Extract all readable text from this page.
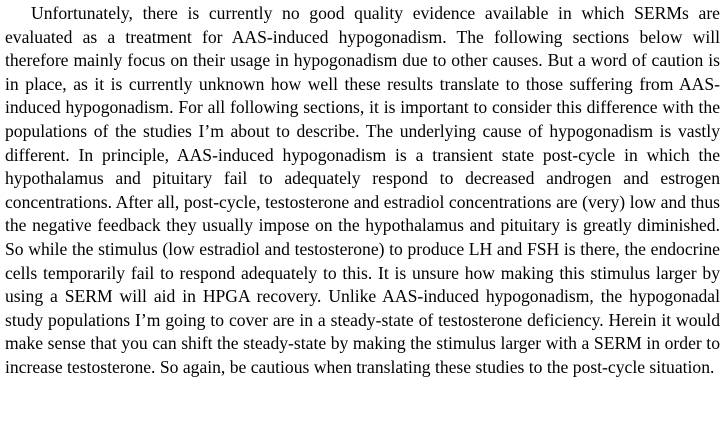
Unfortunately, there is currently no good quality evidence available in which SERMs are evaluated as a treatment for AAS-induced hypogonadism. The following sections below will therefore mainly focus on their usage in hypogonadism due to other causes. But a word of caution is in place, as it is currently unknown how well these results translate to those suffering from AAS-induced hypogonadism. For all following sections, it is important to consider this difference with the populations of the studies I’m about to describe. The underlying cause of hypogonadism is vastly different. In principle, AAS-induced hypogonadism is a transient state post-cycle in which the hypothalamus and pituitary fail to adequately respond to decreased androgen and estrogen concentrations. After all, post-cycle, testosterone and estradiol concentrations are (very) low and thus the negative feedback they usually impose on the hypothalamus and pituitary is greatly diminished. So while the stimulus (low estradiol and testosterone) to produce LH and FSH is there, the endocrine cells temporarily fail to respond adequately to this. It is unsure how making this stimulus larger by using a SERM will aid in HPGA recovery. Unlike AAS-induced hypogonadism, the hypogonadal study populations I’m going to cover are in a steady-state of testosterone deficiency. Herein it would make sense that you can shift the steady-state by making the stimulus larger with a SERM in order to increase testosterone. So again, be cautious when translating these studies to the post-cycle situation.
